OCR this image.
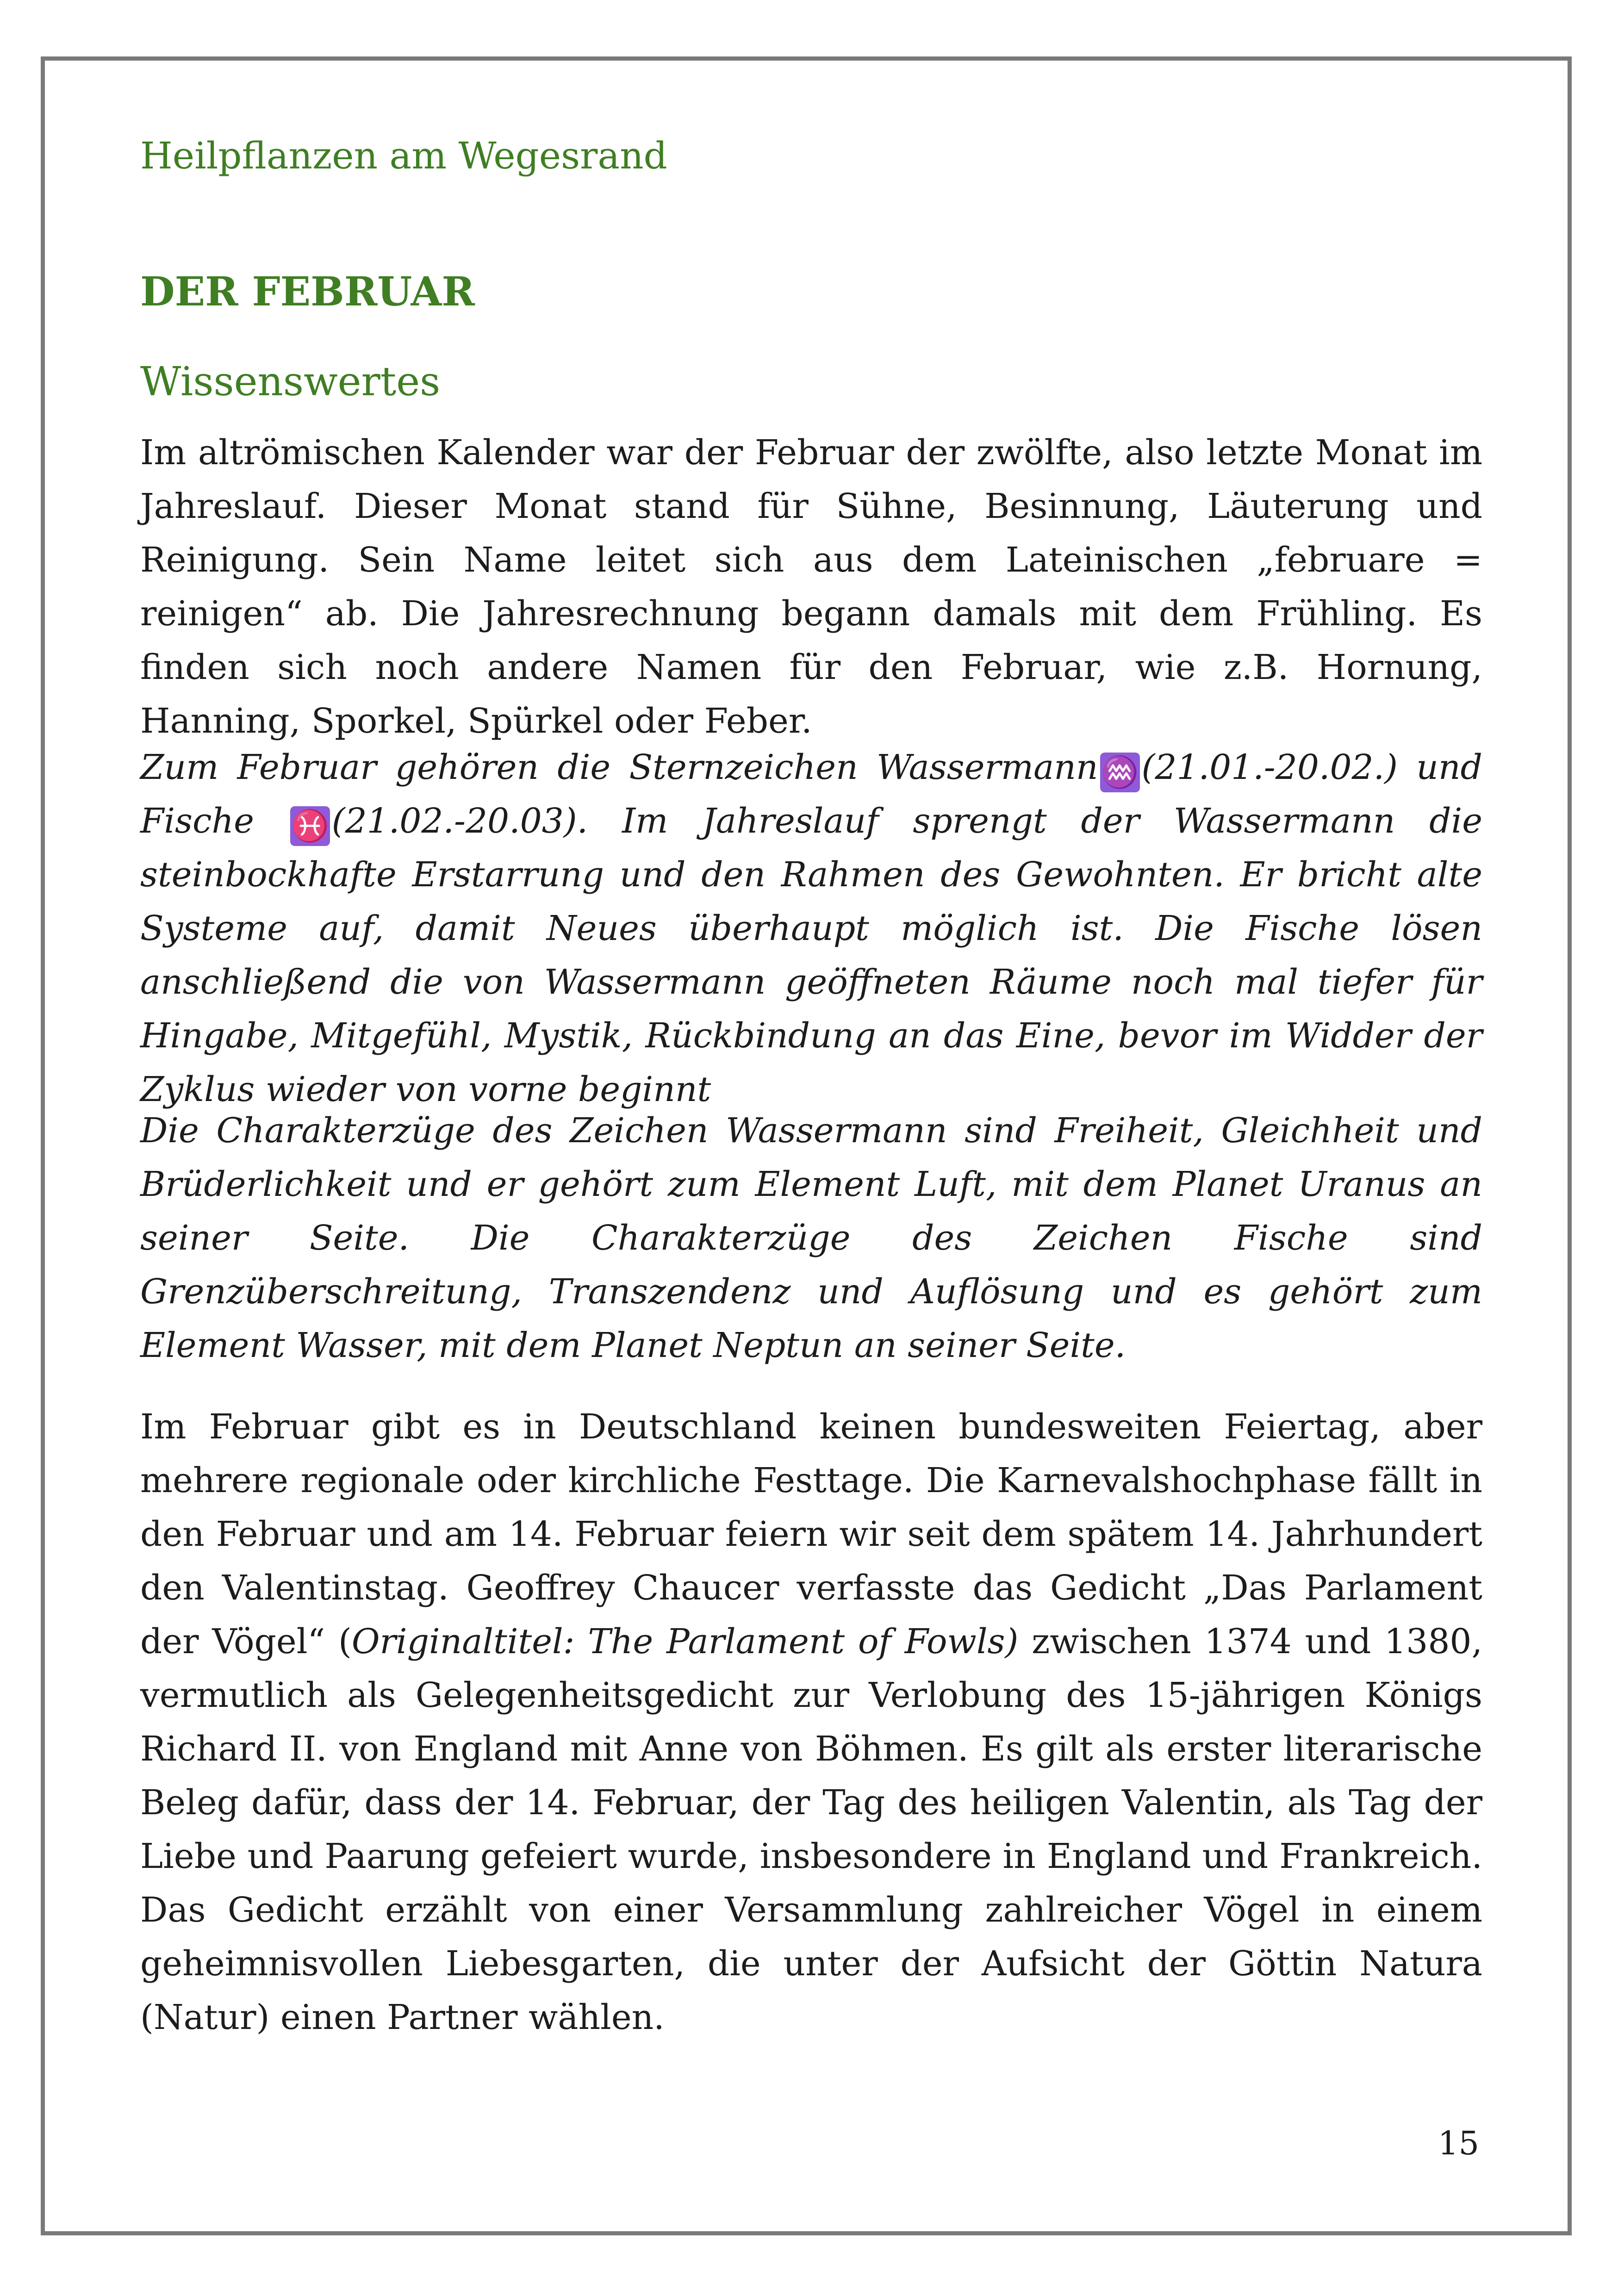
Heilpflanzen am Wegesrand
DER FEBRUAR
Wissenswertes

Im altrömischen Kalender war der Februar der zwölfte, also letzte Monat im Jahreslauf. Dieser Monat stand für Sühne, Besinnung, Läuterung und Reinigung. Sein Name leitet sich aus dem Lateinischen „februare = reinigen“ ab. Die Jahresrechnung begann damals mit dem Frühling. Es finden sich noch andere Namen für den Februar, wie z.B. Hornung, Hanning, Sporkel, Spürkel oder Feber.

Zum Februar gehören die Sternzeichen Wassermann♒(21.01.-20.02.) und Fische ♓(21.02.-20.03). Im Jahreslauf sprengt der Wassermann die steinbockhafte Erstarrung und den Rahmen des Gewohnten. Er bricht alte Systeme auf, damit Neues überhaupt möglich ist. Die Fische lösen anschließend die von Wassermann geöffneten Räume noch mal tiefer für Hingabe, Mitgefühl, Mystik, Rückbindung an das Eine, bevor im Widder der Zyklus wieder von vorne beginnt

Die Charakterzüge des Zeichen Wassermann sind Freiheit, Gleichheit und Brüderlichkeit und er gehört zum Element Luft, mit dem Planet Uranus an seiner Seite. Die Charakterzüge des Zeichen Fische sind Grenzüberschreitung, Transzendenz und Auflösung und es gehört zum Element Wasser, mit dem Planet Neptun an seiner Seite.

Im Februar gibt es in Deutschland keinen bundesweiten Feiertag, aber mehrere regionale oder kirchliche Festtage. Die Karnevalshochphase fällt in den Februar und am 14. Februar feiern wir seit dem spätem 14. Jahrhundert den Valentinstag. Geoffrey Chaucer verfasste das Gedicht „Das Parlament der Vögel“ (Originaltitel: The Parlament of Fowls) zwischen 1374 und 1380, vermutlich als Gelegenheitsgedicht zur Verlobung des 15-jährigen Königs Richard II. von England mit Anne von Böhmen. Es gilt als erster literarische Beleg dafür, dass der 14. Februar, der Tag des heiligen Valentin, als Tag der Liebe und Paarung gefeiert wurde, insbesondere in England und Frankreich. Das Gedicht erzählt von einer Versammlung zahlreicher Vögel in einem geheimnisvollen Liebesgarten, die unter der Aufsicht der Göttin Natura (Natur) einen Partner wählen.

15
